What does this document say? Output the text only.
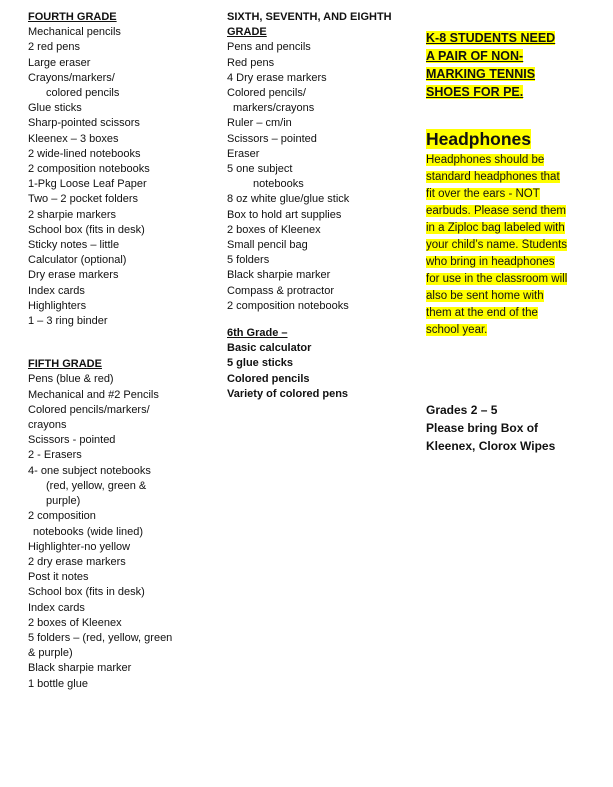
FOURTH GRADE
Mechanical pencils
2 red pens
Large eraser
Crayons/markers/
colored pencils
Glue sticks
Sharp-pointed scissors
Kleenex – 3 boxes
2 wide-lined notebooks
2 composition notebooks
1-Pkg Loose Leaf Paper
Two – 2 pocket folders
2 sharpie markers
School box (fits in desk)
Sticky notes – little
Calculator (optional)
Dry erase markers
Index cards
Highlighters
1 – 3 ring binder
FIFTH GRADE
Pens (blue & red)
Mechanical and #2 Pencils
Colored pencils/markers/
crayons
Scissors - pointed
2 - Erasers
4- one subject notebooks
(red, yellow, green &
purple)
2 composition
notebooks (wide lined)
Highlighter-no yellow
2 dry erase markers
Post it notes
School box (fits in desk)
Index cards
2 boxes of Kleenex
5 folders – (red, yellow, green
& purple)
Black sharpie marker
1 bottle glue
SIXTH, SEVENTH, AND EIGHTH
GRADE
Pens and pencils
Red pens
4 Dry erase markers
Colored pencils/
markers/crayons
Ruler – cm/in
Scissors – pointed
Eraser
5 one subject
notebooks
8 oz white glue/glue stick
Box to hold art supplies
2 boxes of Kleenex
Small pencil bag
5 folders
Black sharpie marker
Compass & protractor
2 composition notebooks
6th Grade –
Basic calculator
5 glue sticks
Colored pencils
Variety of colored pens
K-8 STUDENTS NEED
A PAIR OF NON-
MARKING TENNIS
SHOES FOR PE.
Headphones
Headphones should be
standard headphones that
fit over the ears - NOT
earbuds. Please send them
in a Ziploc bag labeled with
your child’s name. Students
who bring in headphones
for use in the classroom will
also be sent home with
them at the end of the
school year.
Grades 2 – 5
Please bring Box of
Kleenex, Clorox Wipes
